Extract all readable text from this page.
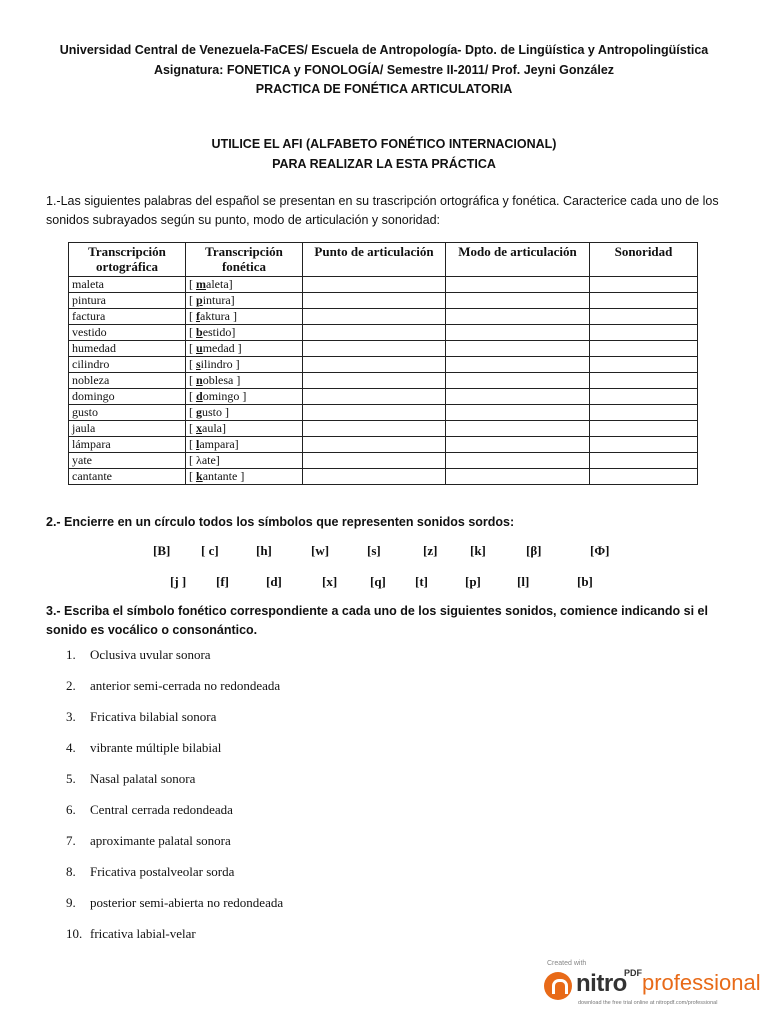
Universidad Central de Venezuela-FaCES/ Escuela de Antropología- Dpto. de Lingüística y Antropolingüística
Asignatura: FONETICA y FONOLOGÍA/ Semestre II-2011/ Prof. Jeyni González
PRACTICA DE FONÉTICA ARTICULATORIA
UTILICE EL AFI (ALFABETO FONÉTICO INTERNACIONAL)
PARA REALIZAR LA ESTA PRÁCTICA
1.-Las siguientes palabras del español se presentan en su trascripción ortográfica y fonética. Caracterice cada uno de los sonidos subrayados según su punto, modo de articulación y sonoridad:
Transcripción ortográfica	Transcripción fonética	Punto de articulación	Modo de articulación	Sonoridad
maleta	[ maleta]			
pintura	[ pintura]			
factura	[ faktura ]			
vestido	[ bestido]			
humedad	[ umedad ]			
cilindro	[ silindro ]			
nobleza	[ noblesa ]			
domingo	[ domingo ]			
gusto	[ gusto ]			
jaula	[ xaula]			
lámpara	[ lampara]			
yate	[ λate]			
cantante	[ kantante ]			
2.- Encierre en un círculo todos los símbolos que representen sonidos sordos:
[B] [ c]	[h]	[w]	[s]	[z]	[k]	[β]	[Φ]
[j ] [f]	[d]	[x]	[q] [t]	[p]	[l]	[b]
3.- Escriba el símbolo fonético correspondiente a cada uno de los siguientes sonidos, comience indicando si el sonido es vocálico o consonántico.
1. Oclusiva uvular sonora
2. anterior semi-cerrada no redondeada
3. Fricativa bilabial sonora
4. vibrante múltiple bilabial
5. Nasal palatal sonora
6. Central cerrada redondeada
7. aproximante palatal sonora
8. Fricativa postalveolar sorda
9. posterior semi-abierta no redondeada
10. fricativa labial-velar
Created with
nitro
PDF professional
download the free trial online at nitropdf.com/professional
